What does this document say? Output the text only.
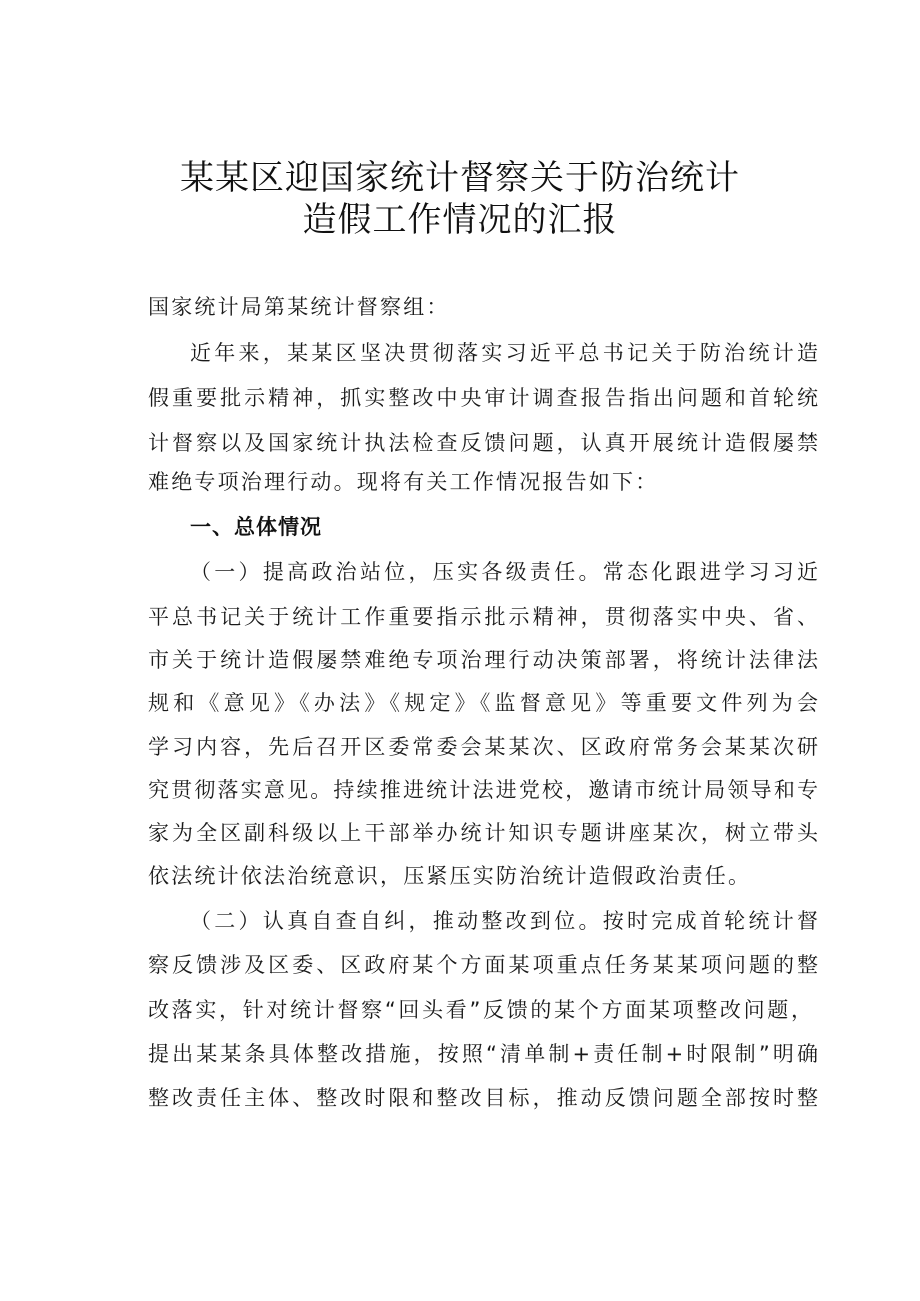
某某区迎国家统计督察关于防治统计
造假工作情况的汇报
国家统计局第某统计督察组：
近年来，某某区坚决贯彻落实习近平总书记关于防治统计造
假重要批示精神，抓实整改中央审计调查报告指出问题和首轮统
计督察以及国家统计执法检查反馈问题，认真开展统计造假屡禁
难绝专项治理行动。现将有关工作情况报告如下：
一、总体情况
（一）提高政治站位，压实各级责任。常态化跟进学习习近
平总书记关于统计工作重要指示批示精神，贯彻落实中央、省、
市关于统计造假屡禁难绝专项治理行动决策部署，将统计法律法
规和《意见》《办法》《规定》《监督意见》等重要文件列为会
学习内容，先后召开区委常委会某某次、区政府常务会某某次研
究贯彻落实意见。持续推进统计法进党校，邀请市统计局领导和专
家为全区副科级以上干部举办统计知识专题讲座某次，树立带头
依法统计依法治统意识，压紧压实防治统计造假政治责任。
（二）认真自查自纠，推动整改到位。按时完成首轮统计督
察反馈涉及区委、区政府某个方面某项重点任务某某项问题的整
改落实，针对统计督察“回头看”反馈的某个方面某项整改问题，
提出某某条具体整改措施，按照“清单制+责任制+时限制”明确
整改责任主体、整改时限和整改目标，推动反馈问题全部按时整
